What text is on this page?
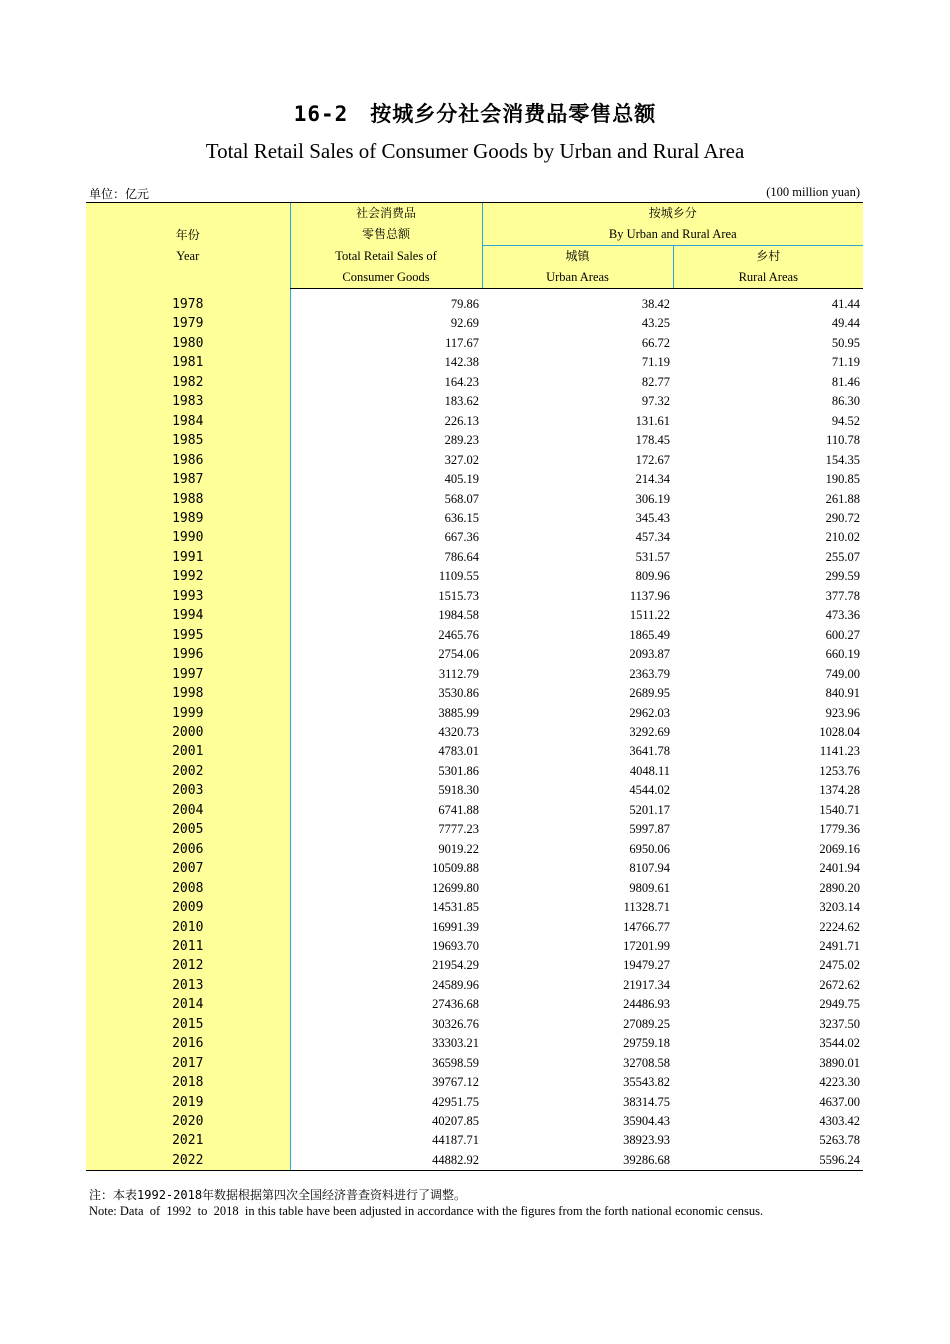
16-2 按城乡分社会消费品零售总额
Total Retail Sales of Consumer Goods by Urban and Rural Area
单位：亿元	(100 million yuan)
年份	社会消费品	按城乡分	
	零售总额	By Urban and Rural Area	
Year	Total Retail Sales of	城镇	乡村
	Consumer Goods	Urban Areas	Rural Areas

1978	79.86	38.42	41.44
1979	92.69	43.25	49.44
1980	117.67	66.72	50.95
1981	142.38	71.19	71.19
1982	164.23	82.77	81.46
1983	183.62	97.32	86.30
1984	226.13	131.61	94.52
1985	289.23	178.45	110.78
1986	327.02	172.67	154.35
1987	405.19	214.34	190.85
1988	568.07	306.19	261.88
1989	636.15	345.43	290.72
1990	667.36	457.34	210.02
1991	786.64	531.57	255.07
1992	1109.55	809.96	299.59
1993	1515.73	1137.96	377.78
1994	1984.58	1511.22	473.36
1995	2465.76	1865.49	600.27
1996	2754.06	2093.87	660.19
1997	3112.79	2363.79	749.00
1998	3530.86	2689.95	840.91
1999	3885.99	2962.03	923.96
2000	4320.73	3292.69	1028.04
2001	4783.01	3641.78	1141.23
2002	5301.86	4048.11	1253.76
2003	5918.30	4544.02	1374.28
2004	6741.88	5201.17	1540.71
2005	7777.23	5997.87	1779.36
2006	9019.22	6950.06	2069.16
2007	10509.88	8107.94	2401.94
2008	12699.80	9809.61	2890.20
2009	14531.85	11328.71	3203.14
2010	16991.39	14766.77	2224.62
2011	19693.70	17201.99	2491.71
2012	21954.29	19479.27	2475.02
2013	24589.96	21917.34	2672.62
2014	27436.68	24486.93	2949.75
2015	30326.76	27089.25	3237.50
2016	33303.21	29759.18	3544.02
2017	36598.59	32708.58	3890.01
2018	39767.12	35543.82	4223.30
2019	42951.75	38314.75	4637.00
2020	40207.85	35904.43	4303.42
2021	44187.71	38923.93	5263.78
2022	44882.92	39286.68	5596.24
注：本表1992-2018年数据根据第四次全国经济普查资料进行了调整。
Note: Data  of  1992  to  2018  in this table have been adjusted in accordance with the figures from the forth national economic census.
